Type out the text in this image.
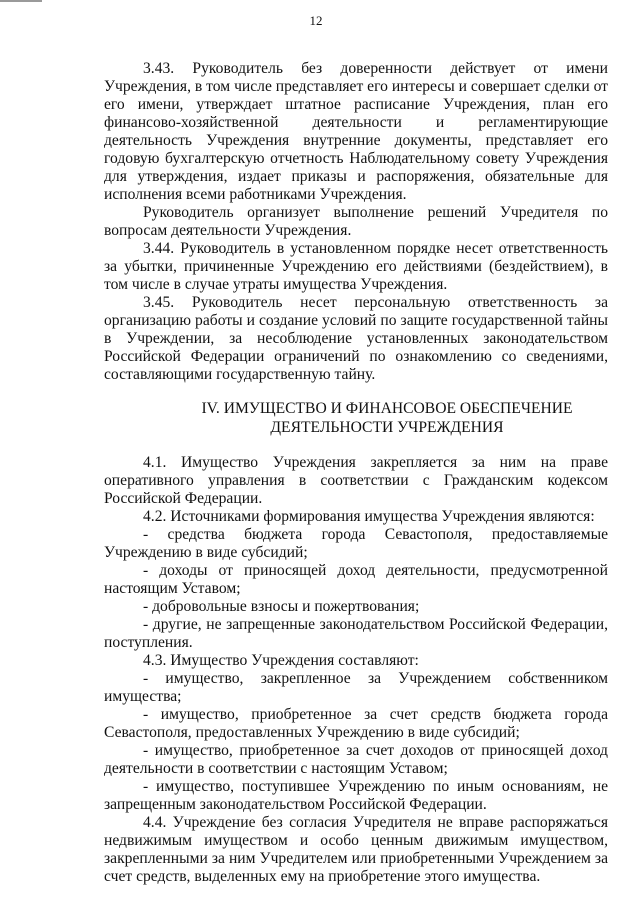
12

3.43. Руководитель без доверенности действует от имени Учреждения, в том числе представляет его интересы и совершает сделки от его имени, утверждает штатное расписание Учреждения, план его финансово-хозяйственной деятельности и регламентирующие деятельность Учреждения внутренние документы, представляет его годовую бухгалтерскую отчетность Наблюдательному совету Учреждения для утверждения, издает приказы и распоряжения, обязательные для исполнения всеми работниками Учреждения.

Руководитель организует выполнение решений Учредителя по вопросам деятельности Учреждения.

3.44. Руководитель в установленном порядке несет ответственность за убытки, причиненные Учреждению его действиями (бездействием), в том числе в случае утраты имущества Учреждения.

3.45. Руководитель несет персональную ответственность за организацию работы и создание условий по защите государственной тайны в Учреждении, за несоблюдение установленных законодательством Российской Федерации ограничений по ознакомлению со сведениями, составляющими государственную тайну.

IV. ИМУЩЕСТВО И ФИНАНСОВОЕ ОБЕСПЕЧЕНИЕ
ДЕЯТЕЛЬНОСТИ УЧРЕЖДЕНИЯ

4.1. Имущество Учреждения закрепляется за ним на праве оперативного управления в соответствии с Гражданским кодексом Российской Федерации.

4.2. Источниками формирования имущества Учреждения являются:

- средства бюджета города Севастополя, предоставляемые Учреждению в виде субсидий;

- доходы от приносящей доход деятельности, предусмотренной настоящим Уставом;

- добровольные взносы и пожертвования;

- другие, не запрещенные законодательством Российской Федерации, поступления.

4.3. Имущество Учреждения составляют:

- имущество, закрепленное за Учреждением собственником имущества;

- имущество, приобретенное за счет средств бюджета города Севастополя, предоставленных Учреждению в виде субсидий;

- имущество, приобретенное за счет доходов от приносящей доход деятельности в соответствии с настоящим Уставом;

- имущество, поступившее Учреждению по иным основаниям, не запрещенным законодательством Российской Федерации.

4.4. Учреждение без согласия Учредителя не вправе распоряжаться недвижимым имуществом и особо ценным движимым имуществом, закрепленными за ним Учредителем или приобретенными Учреждением за счет средств, выделенных ему на приобретение этого имущества.
